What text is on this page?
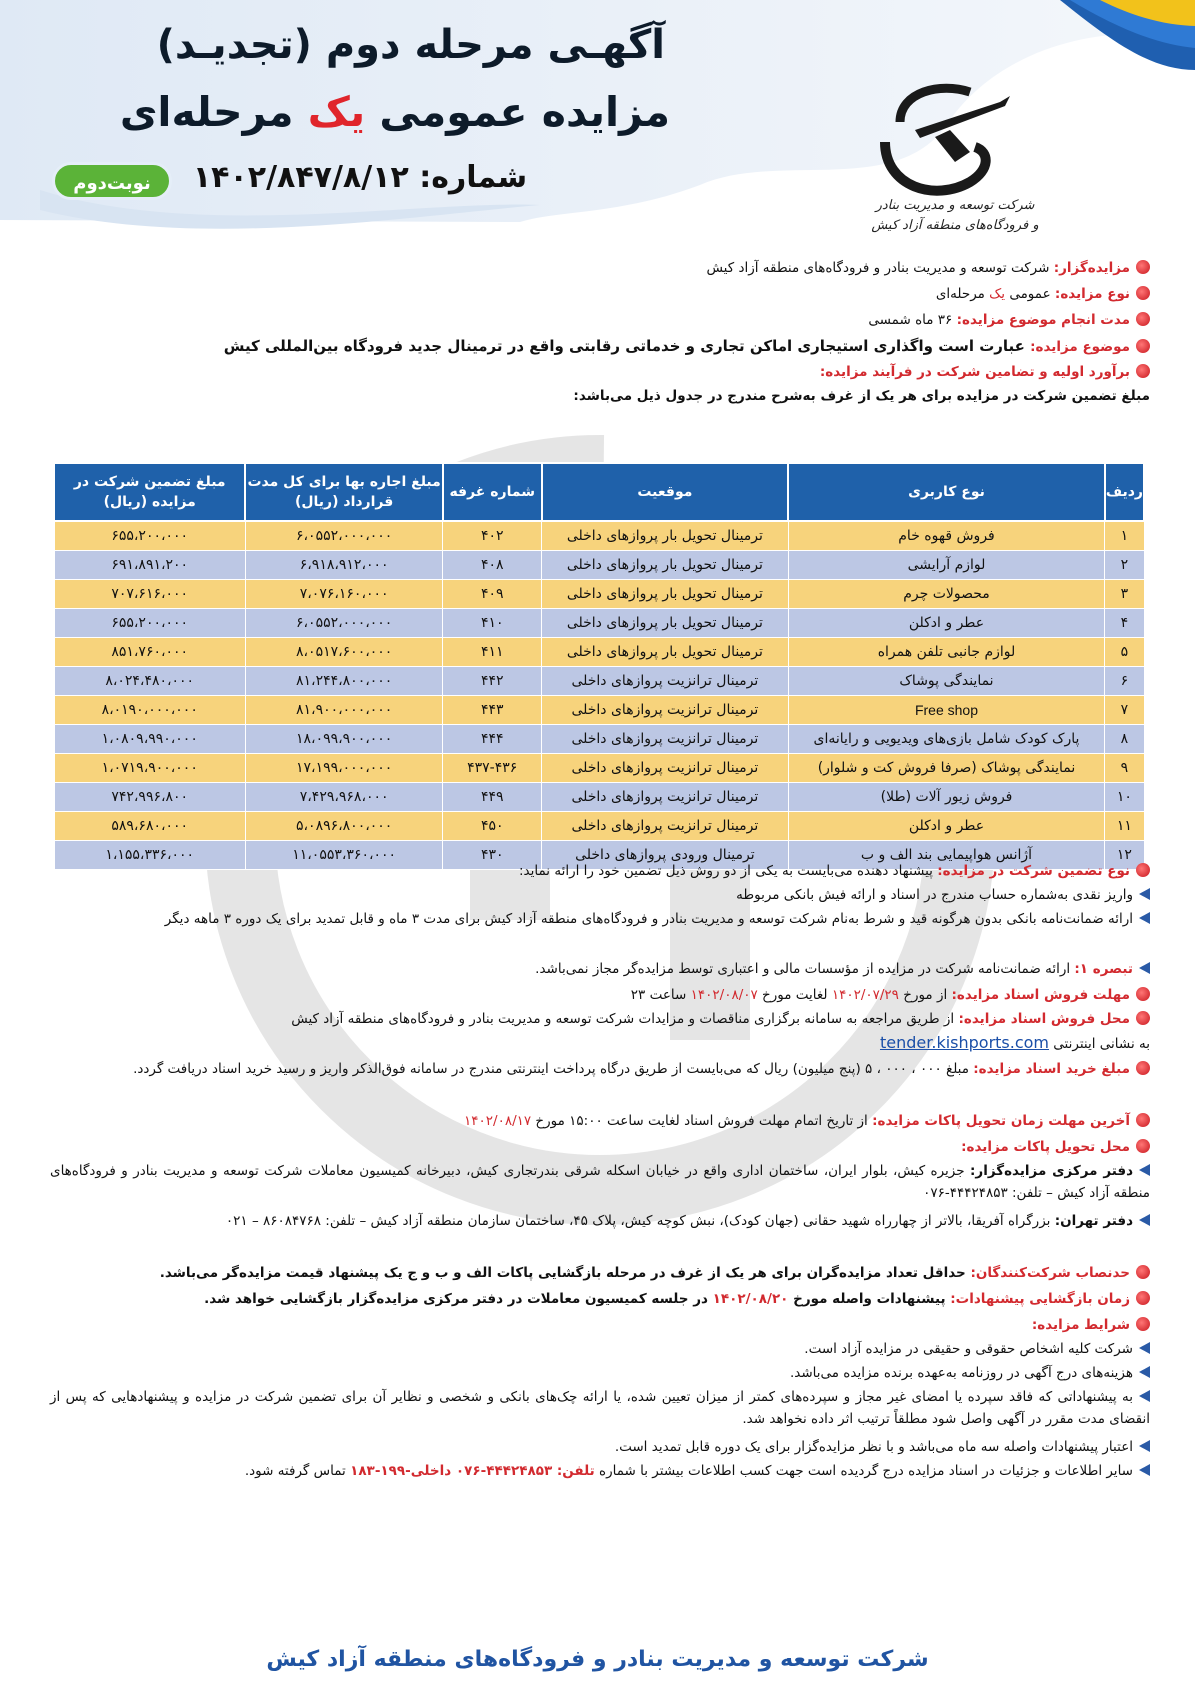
آگهـی مرحله دوم (تجدیـد)
مزایده عمومی یک مرحله‌ای
شماره: ۱۴۰۲/۸۴۷/۸/۱۲
نوبت‌دوم
شرکت توسعه و مدیریت بنادر
و فرودگاه‌های منطقه آزاد کیش
مزایده‌گزار: شرکت توسعه و مدیریت بنادر و فرودگاه‌های منطقه آزاد کیش
نوع مزایده: عمومی یک مرحله‌ای
مدت انجام موضوع مزایده: ۳۶ ماه شمسی
موضوع مزایده: عبارت است واگذاری استیجاری اماکن تجاری و خدماتی رقابتی واقع در ترمینال جدید فرودگاه بین‌المللی کیش
برآورد اولیه و تضامین شرکت در فرآیند مزایده:
مبلغ تضمین شرکت در مزایده برای هر یک از غرف به‌شرح مندرج در جدول ذیل می‌باشد:
ردیف	نوع کاربری	موقعیت	شماره غرفه	مبلغ اجاره بها برای کل مدت قرارداد (ریال)	مبلغ تضمین شرکت در مزایده (ریال)
۱	فروش قهوه خام	ترمینال تحویل بار پروازهای داخلی	۴۰۲	۶،۰۵۵۲،۰۰۰،۰۰۰	۶۵۵،۲۰۰،۰۰۰
۲	لوازم آرایشی	ترمینال تحویل بار پروازهای داخلی	۴۰۸	۶،۹۱۸،۹۱۲،۰۰۰	۶۹۱،۸۹۱،۲۰۰
۳	محصولات چرم	ترمینال تحویل بار پروازهای داخلی	۴۰۹	۷،۰۷۶،۱۶۰،۰۰۰	۷۰۷،۶۱۶،۰۰۰
۴	عطر و ادکلن	ترمینال تحویل بار پروازهای داخلی	۴۱۰	۶،۰۵۵۲،۰۰۰،۰۰۰	۶۵۵،۲۰۰،۰۰۰
۵	لوازم جانبی تلفن همراه	ترمینال تحویل بار پروازهای داخلی	۴۱۱	۸،۰۵۱۷،۶۰۰،۰۰۰	۸۵۱،۷۶۰،۰۰۰
۶	نمایندگی پوشاک	ترمینال ترانزیت پروازهای داخلی	۴۴۲	۸۱،۲۴۴،۸۰۰،۰۰۰	۸،۰۲۴،۴۸۰،۰۰۰
۷	Free shop	ترمینال ترانزیت پروازهای داخلی	۴۴۳	۸۱،۹۰۰،۰۰۰،۰۰۰	۸،۰۱۹۰،۰۰۰،۰۰۰
۸	پارک کودک شامل بازی‌های ویدیویی و رایانه‌ای	ترمینال ترانزیت پروازهای داخلی	۴۴۴	۱۸،۰۹۹،۹۰۰،۰۰۰	۱،۰۸۰۹،۹۹۰،۰۰۰
۹	نمایندگی پوشاک (صرفا فروش کت و شلوار)	ترمینال ترانزیت پروازهای داخلی	۴۳۷-۴۳۶	۱۷،۱۹۹،۰۰۰،۰۰۰	۱،۰۷۱۹،۹۰۰،۰۰۰
۱۰	فروش زیور آلات (طلا)	ترمینال ترانزیت پروازهای داخلی	۴۴۹	۷،۴۲۹،۹۶۸،۰۰۰	۷۴۲،۹۹۶،۸۰۰
۱۱	عطر و ادکلن	ترمینال ترانزیت پروازهای داخلی	۴۵۰	۵،۰۸۹۶،۸۰۰،۰۰۰	۵۸۹،۶۸۰،۰۰۰
۱۲	آژانس هواپیمایی بند الف و ب	ترمینال ورودی پروازهای داخلی	۴۳۰	۱۱،۰۵۵۳،۳۶۰،۰۰۰	۱،۱۵۵،۳۳۶،۰۰۰
نوع تضمین شرکت در مزایده: پیشنهاد دهنده می‌بایست به یکی از دو روش ذیل تضمین خود را ارائه نماید:
واریز نقدی به‌شماره حساب مندرج در اسناد و ارائه فیش بانکی مربوطه
ارائه ضمانت‌نامه بانکی بدون هرگونه قید و شرط به‌نام شرکت توسعه و مدیریت بنادر و فرودگاه‌های منطقه آزاد کیش برای مدت ۳ ماه و قابل تمدید برای یک دوره ۳ ماهه دیگر
تبصره ۱: ارائه ضمانت‌نامه شرکت در مزایده از مؤسسات مالی و اعتباری توسط مزایده‌گر مجاز نمی‌باشد.
مهلت فروش اسناد مزایده: از مورخ ۱۴۰۲/۰۷/۲۹ لغایت مورخ ۱۴۰۲/۰۸/۰۷ ساعت ۲۳
محل فروش اسناد مزایده: از طریق مراجعه به سامانه برگزاری مناقصات و مزایدات شرکت توسعه و مدیریت بنادر و فرودگاه‌های منطقه آزاد کیش
به نشانی اینترنتی tender.kishports.com
مبلغ خرید اسناد مزایده: مبلغ ۰۰۰ ، ۰۰۰ ، ۵ (پنج میلیون) ریال که می‌بایست از طریق درگاه پرداخت اینترنتی مندرج در سامانه فوق‌الذکر واریز و رسید خرید اسناد دریافت گردد.
آخرین مهلت زمان تحویل پاکات مزایده: از تاریخ اتمام مهلت فروش اسناد لغایت ساعت ۱۵:۰۰ مورخ ۱۴۰۲/۰۸/۱۷
محل تحویل پاکات مزایده:
دفتر مرکزی مزایده‌گزار: جزیره کیش، بلوار ایران، ساختمان اداری واقع در خیابان اسکله شرقی بندرتجاری کیش، دبیرخانه کمیسیون معاملات شرکت توسعه و مدیریت بنادر و فرودگاه‌های منطقه آزاد کیش – تلفن: ۴۴۴۲۴۸۵۳-۰۷۶
دفتر تهران: بزرگراه آفریقا، بالاتر از چهارراه شهید حقانی (جهان کودک)، نبش کوچه کیش، پلاک ۴۵، ساختمان سازمان منطقه آزاد کیش – تلفن: ۸۶۰۸۴۷۶۸ – ۰۲۱
حدنصاب شرکت‌کنندگان: حداقل تعداد مزایده‌گران برای هر یک از غرف در مرحله بازگشایی پاکات الف و ب و ج یک پیشنهاد قیمت مزایده‌گر می‌باشد.
زمان بازگشایی پیشنهادات: پیشنهادات واصله مورخ ۱۴۰۲/۰۸/۲۰ در جلسه کمیسیون معاملات در دفتر مرکزی مزایده‌گزار بازگشایی خواهد شد.
شرایط مزایده:
شرکت کلیه اشخاص حقوقی و حقیقی در مزایده آزاد است.
هزینه‌های درج آگهی در روزنامه به‌عهده برنده مزایده می‌باشد.
به پیشنهاداتی که فاقد سپرده یا امضای غیر مجاز و سپرده‌های کمتر از میزان تعیین شده، یا ارائه چک‌های بانکی و شخصی و نظایر آن برای تضمین شرکت در مزایده و پیشنهادهایی که پس از انقضای مدت مقرر در آگهی واصل شود مطلقاً ترتیب اثر داده نخواهد شد.
اعتبار پیشنهادات واصله سه ماه می‌باشد و با نظر مزایده‌گزار برای یک دوره قابل تمدید است.
سایر اطلاعات و جزئیات در اسناد مزایده درج گردیده است جهت کسب اطلاعات بیشتر با شماره تلفن: ۴۴۴۲۴۸۵۳-۰۷۶ داخلی-۱۹۹-۱۸۳ تماس گرفته شود.
شرکت توسعه و مدیریت بنادر و فرودگاه‌های منطقه آزاد کیش
